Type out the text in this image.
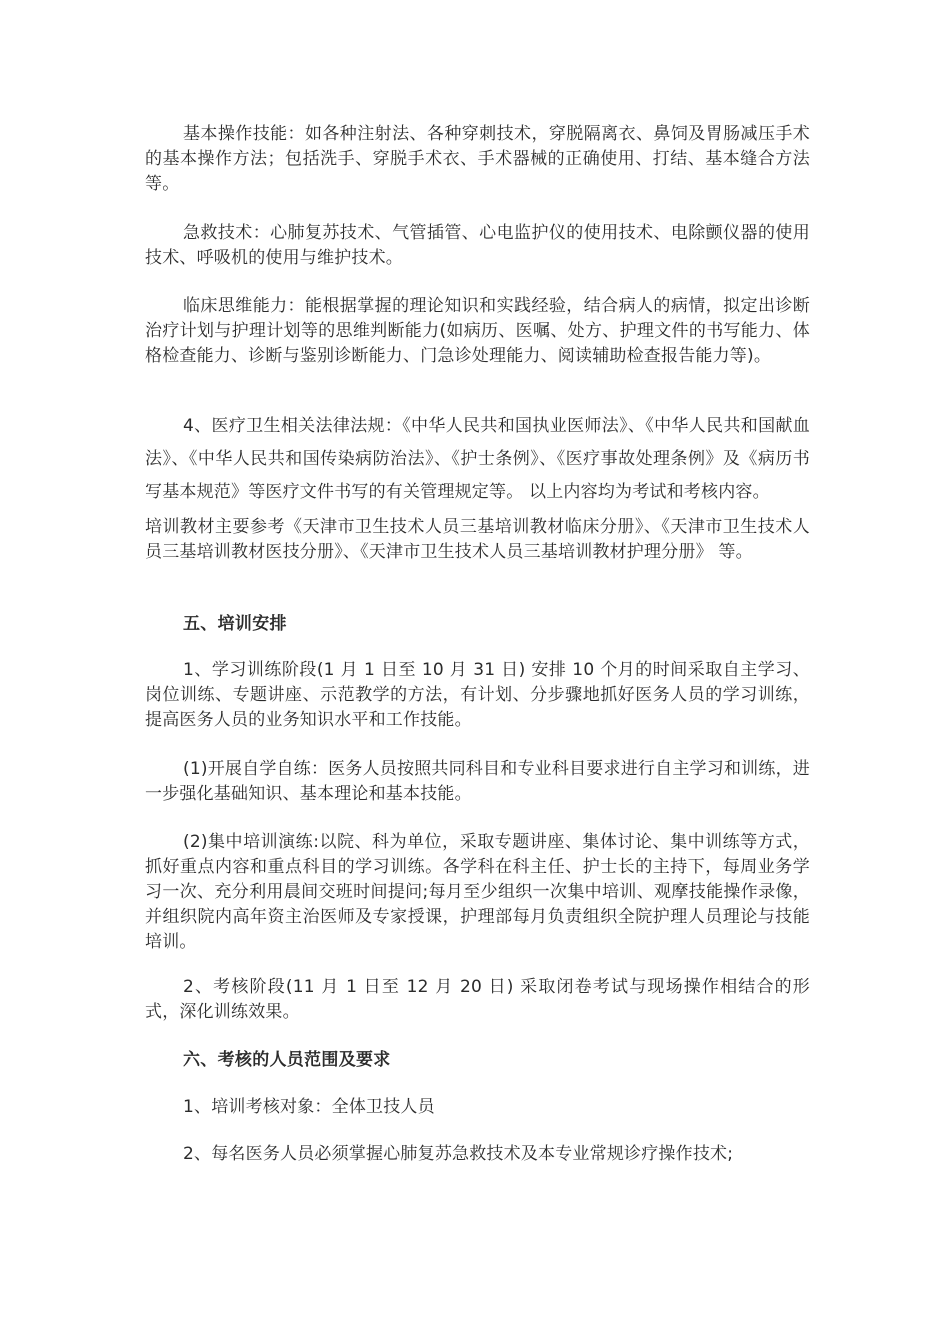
基本操作技能：如各种注射法、各种穿刺技术，穿脱隔离衣、鼻饲及胃肠减压手术的基本操作方法；包括洗手、穿脱手术衣、手术器械的正确使用、打结、基本缝合方法等。

急救技术：心肺复苏技术、气管插管、心电监护仪的使用技术、电除颤仪器的使用技术、呼吸机的使用与维护技术。

临床思维能力：能根据掌握的理论知识和实践经验，结合病人的病情，拟定出诊断治疗计划与护理计划等的思维判断能力(如病历、医嘱、处方、护理文件的书写能力、体格检查能力、诊断与鉴别诊断能力、门急诊处理能力、阅读辅助检查报告能力等)。

4、医疗卫生相关法律法规：《中华人民共和国执业医师法》、《中华人民共和国献血法》、《中华人民共和国传染病防治法》、《护士条例》、《医疗事故处理条例》及《病历书写基本规范》等医疗文件书写的有关管理规定等。 以上内容均为考试和考核内容。

培训教材主要参考《天津市卫生技术人员三基培训教材临床分册》、《天津市卫生技术人员三基培训教材医技分册》、《天津市卫生技术人员三基培训教材护理分册》 等。

五、培训安排

1、学习训练阶段(1 月 1 日至 10 月 31 日) 安排 10 个月的时间采取自主学习、岗位训练、专题讲座、示范教学的方法，有计划、分步骤地抓好医务人员的学习训练，提高医务人员的业务知识水平和工作技能。

(1)开展自学自练：医务人员按照共同科目和专业科目要求进行自主学习和训练，进一步强化基础知识、基本理论和基本技能。

(2)集中培训演练:以院、科为单位，采取专题讲座、集体讨论、集中训练等方式，抓好重点内容和重点科目的学习训练。各学科在科主任、护士长的主持下，每周业务学习一次、充分利用晨间交班时间提问;每月至少组织一次集中培训、观摩技能操作录像，并组织院内高年资主治医师及专家授课，护理部每月负责组织全院护理人员理论与技能培训。

2、考核阶段(11 月 1 日至 12 月 20 日) 采取闭卷考试与现场操作相结合的形式，深化训练效果。

六、考核的人员范围及要求

1、培训考核对象：全体卫技人员

2、每名医务人员必须掌握心肺复苏急救技术及本专业常规诊疗操作技术;
